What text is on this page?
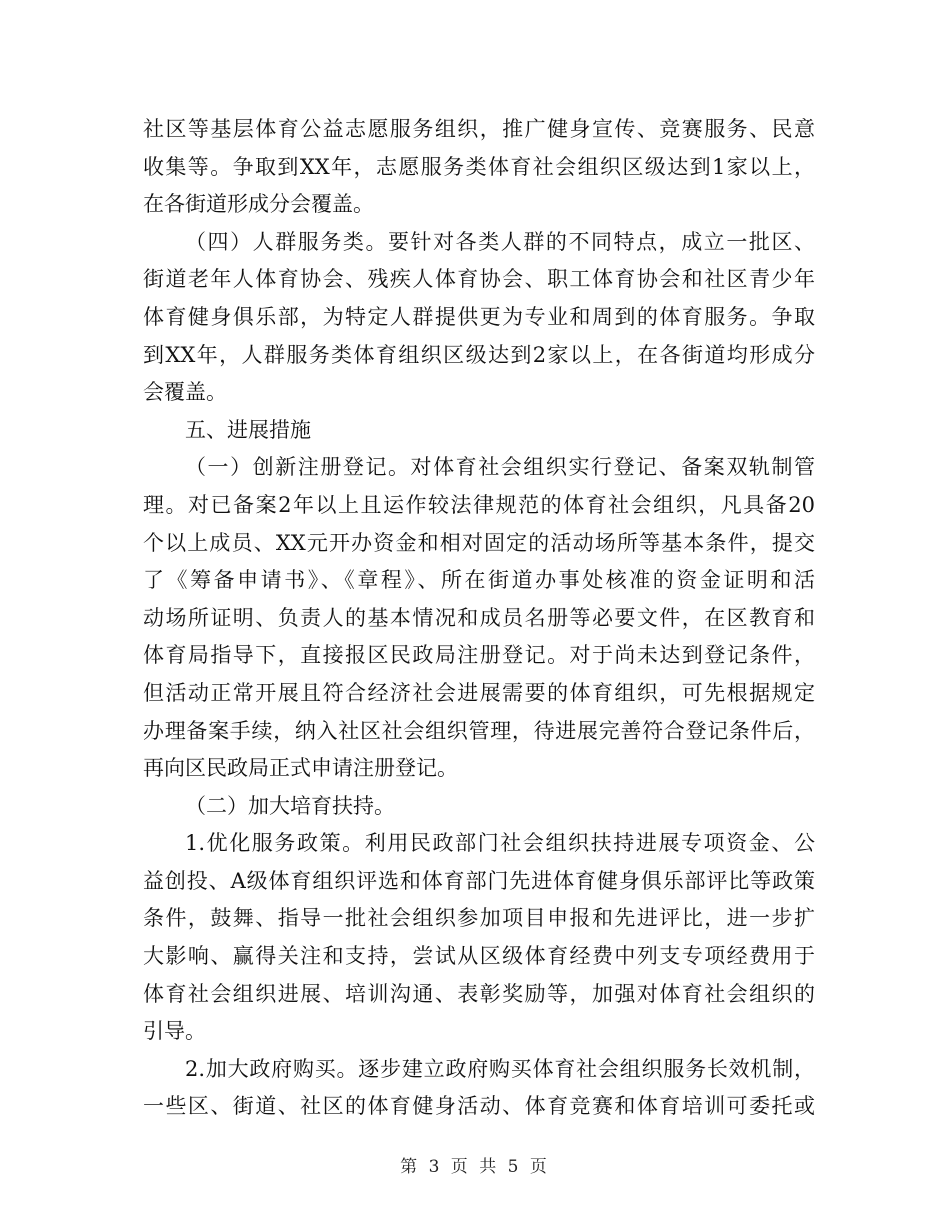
社区等基层体育公益志愿服务组织，推广健身宣传、竞赛服务、民意
收集等。争取到XX年，志愿服务类体育社会组织区级达到1家以上，
在各街道形成分会覆盖。
（四）人群服务类。要针对各类人群的不同特点，成立一批区、
街道老年人体育协会、残疾人体育协会、职工体育协会和社区青少年
体育健身俱乐部，为特定人群提供更为专业和周到的体育服务。争取
到XX年，人群服务类体育组织区级达到2家以上，在各街道均形成分
会覆盖。
五、进展措施
（一）创新注册登记。对体育社会组织实行登记、备案双轨制管
理。对已备案2年以上且运作较法律规范的体育社会组织，凡具备20
个以上成员、XX元开办资金和相对固定的活动场所等基本条件，提交
了《筹备申请书》、《章程》、所在街道办事处核准的资金证明和活
动场所证明、负责人的基本情况和成员名册等必要文件，在区教育和
体育局指导下，直接报区民政局注册登记。对于尚未达到登记条件，
但活动正常开展且符合经济社会进展需要的体育组织，可先根据规定
办理备案手续，纳入社区社会组织管理，待进展完善符合登记条件后，
再向区民政局正式申请注册登记。
（二）加大培育扶持。
1.优化服务政策。利用民政部门社会组织扶持进展专项资金、公
益创投、A级体育组织评选和体育部门先进体育健身俱乐部评比等政策
条件，鼓舞、指导一批社会组织参加项目申报和先进评比，进一步扩
大影响、赢得关注和支持，尝试从区级体育经费中列支专项经费用于
体育社会组织进展、培训沟通、表彰奖励等，加强对体育社会组织的
引导。
2.加大政府购买。逐步建立政府购买体育社会组织服务长效机制，
一些区、街道、社区的体育健身活动、体育竞赛和体育培训可委托或
第 3 页 共 5 页
